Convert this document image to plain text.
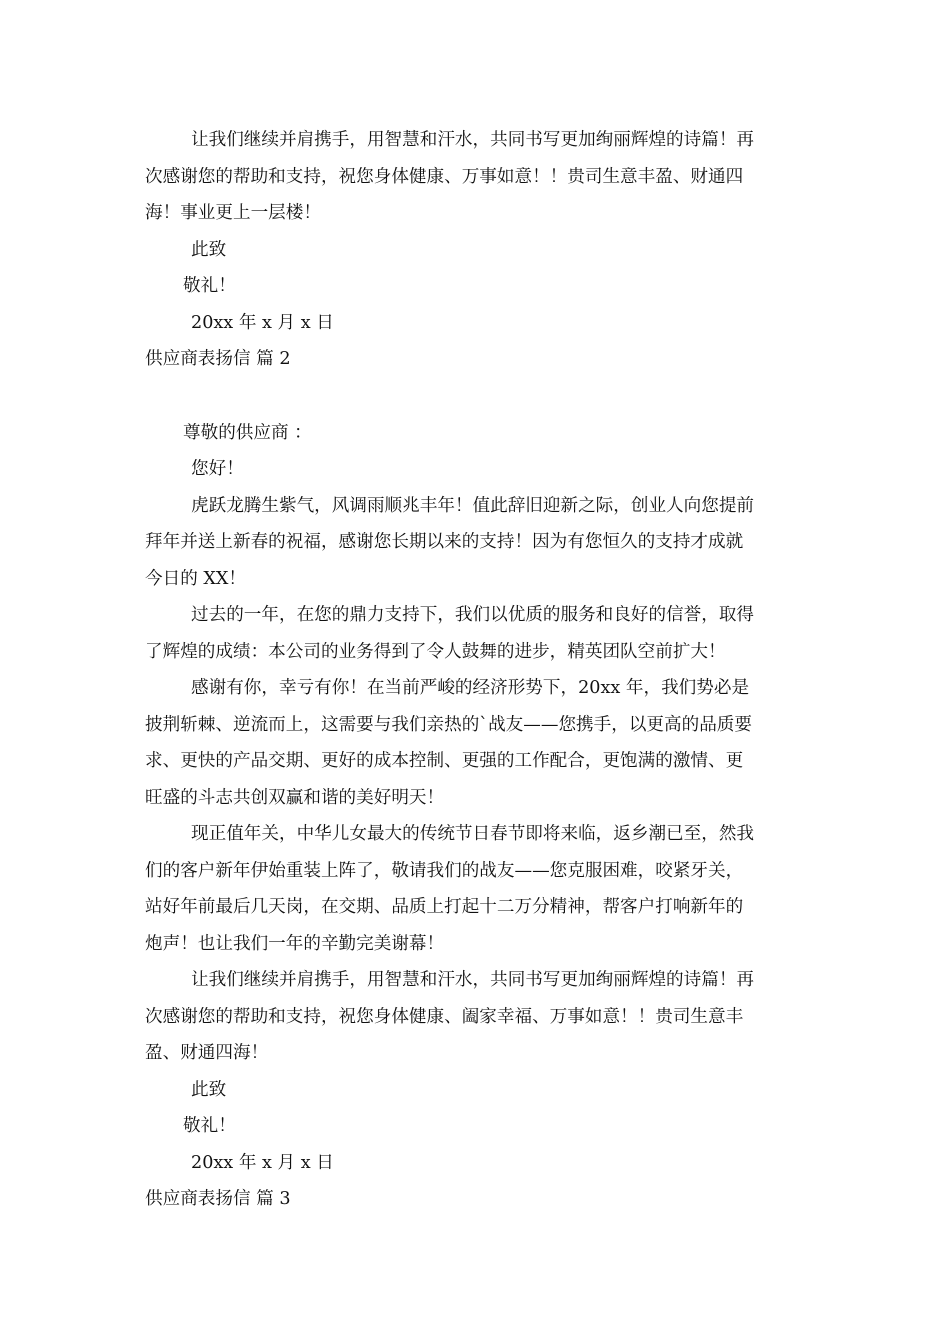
让我们继续并肩携手，用智慧和汗水，共同书写更加绚丽辉煌的诗篇！再
次感谢您的帮助和支持，祝您身体健康、万事如意！！贵司生意丰盈、财通四
海！事业更上一层楼！
此致
敬礼！
20xx 年 x 月 x 日
供应商表扬信 篇 2
尊敬的供应商 ：
您好！
虎跃龙腾生紫气，风调雨顺兆丰年！值此辞旧迎新之际，创业人向您提前
拜年并送上新春的祝福，感谢您长期以来的支持！因为有您恒久的支持才成就
今日的 XX！
过去的一年，在您的鼎力支持下，我们以优质的服务和良好的信誉，取得
了辉煌的成绩：本公司的业务得到了令人鼓舞的进步，精英团队空前扩大！
感谢有你，幸亏有你！在当前严峻的经济形势下，20xx 年，我们势必是
披荆斩棘、逆流而上，这需要与我们亲热的`战友——您携手，以更高的品质要
求、更快的产品交期、更好的成本控制、更强的工作配合，更饱满的激情、更
旺盛的斗志共创双赢和谐的美好明天！
现正值年关，中华儿女最大的传统节日春节即将来临，返乡潮已至，然我
们的客户新年伊始重装上阵了，敬请我们的战友——您克服困难，咬紧牙关，
站好年前最后几天岗，在交期、品质上打起十二万分精神，帮客户打响新年的
炮声！也让我们一年的辛勤完美谢幕！
让我们继续并肩携手，用智慧和汗水，共同书写更加绚丽辉煌的诗篇！再
次感谢您的帮助和支持，祝您身体健康、阖家幸福、万事如意！！贵司生意丰
盈、财通四海！
此致
敬礼！
20xx 年 x 月 x 日
供应商表扬信 篇 3
